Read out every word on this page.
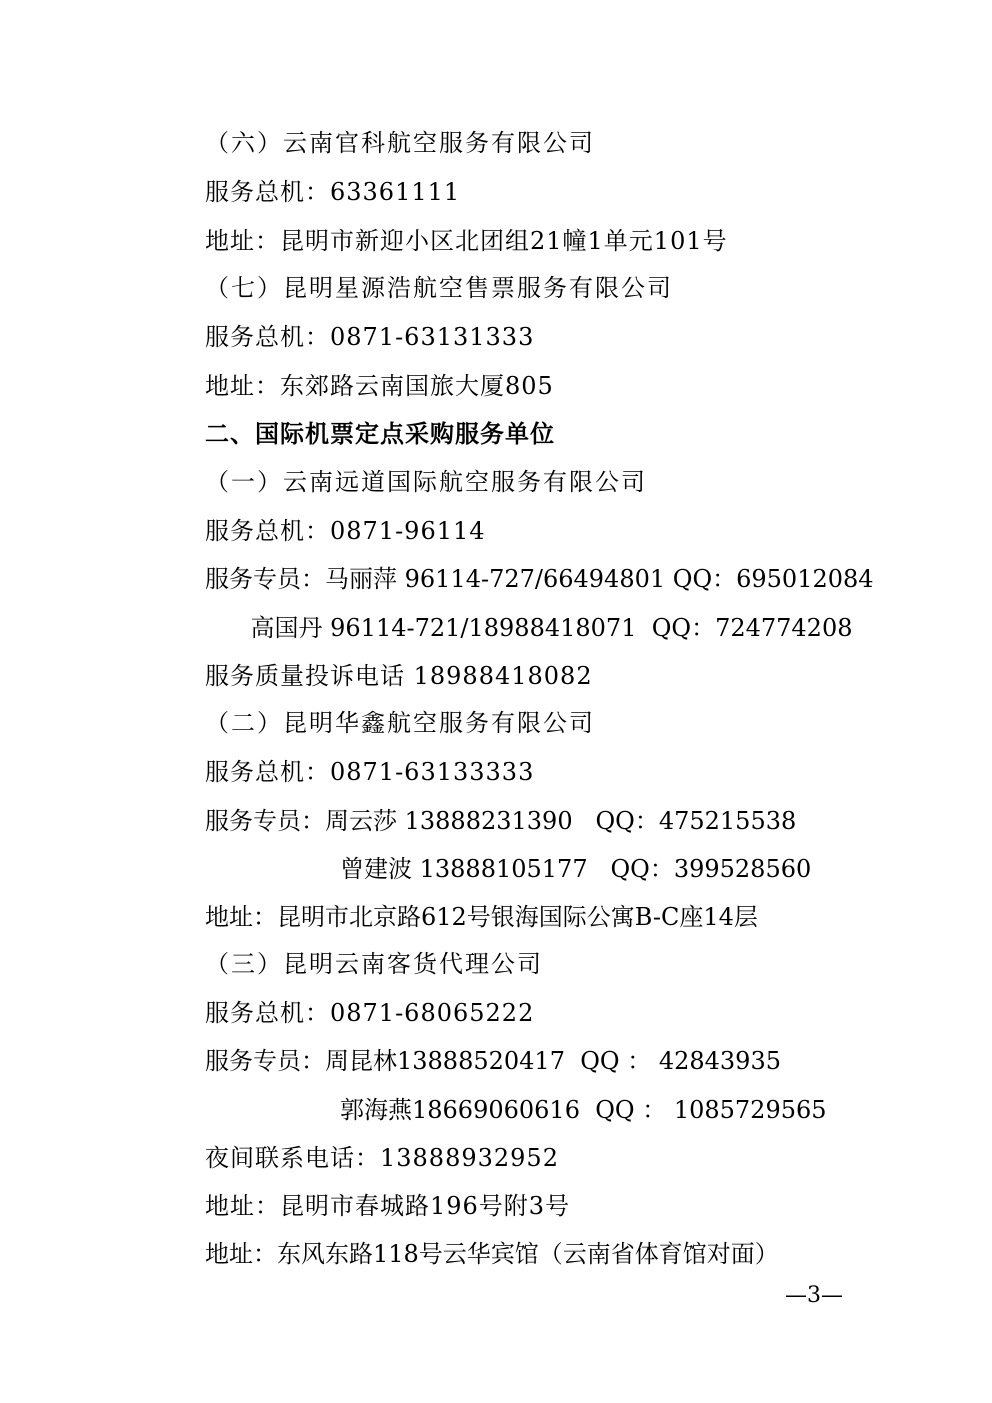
（六）云南官科航空服务有限公司
服务总机：63361111
地址：昆明市新迎小区北团组21幢1单元101号
（七）昆明星源浩航空售票服务有限公司
服务总机：0871-63131333
地址：东郊路云南国旅大厦805
二、国际机票定点采购服务单位
（一）云南远道国际航空服务有限公司
服务总机：0871-96114
服务专员：马丽萍 96114-727/66494801 QQ：695012084
高国丹 96114-721/18988418071  QQ：724774208
服务质量投诉电话 18988418082
（二）昆明华鑫航空服务有限公司
服务总机：0871-63133333
服务专员：周云莎 13888231390   QQ：475215538
曾建波 13888105177   QQ：399528560
地址：昆明市北京路612号银海国际公寓B-C座14层
（三）昆明云南客货代理公司
服务总机：0871-68065222
服务专员：周昆林13888520417  QQ ： 42843935
郭海燕18669060616  QQ ： 1085729565
夜间联系电话：13888932952
地址：昆明市春城路196号附3号
地址：东风东路118号云华宾馆（云南省体育馆对面）
—3—
